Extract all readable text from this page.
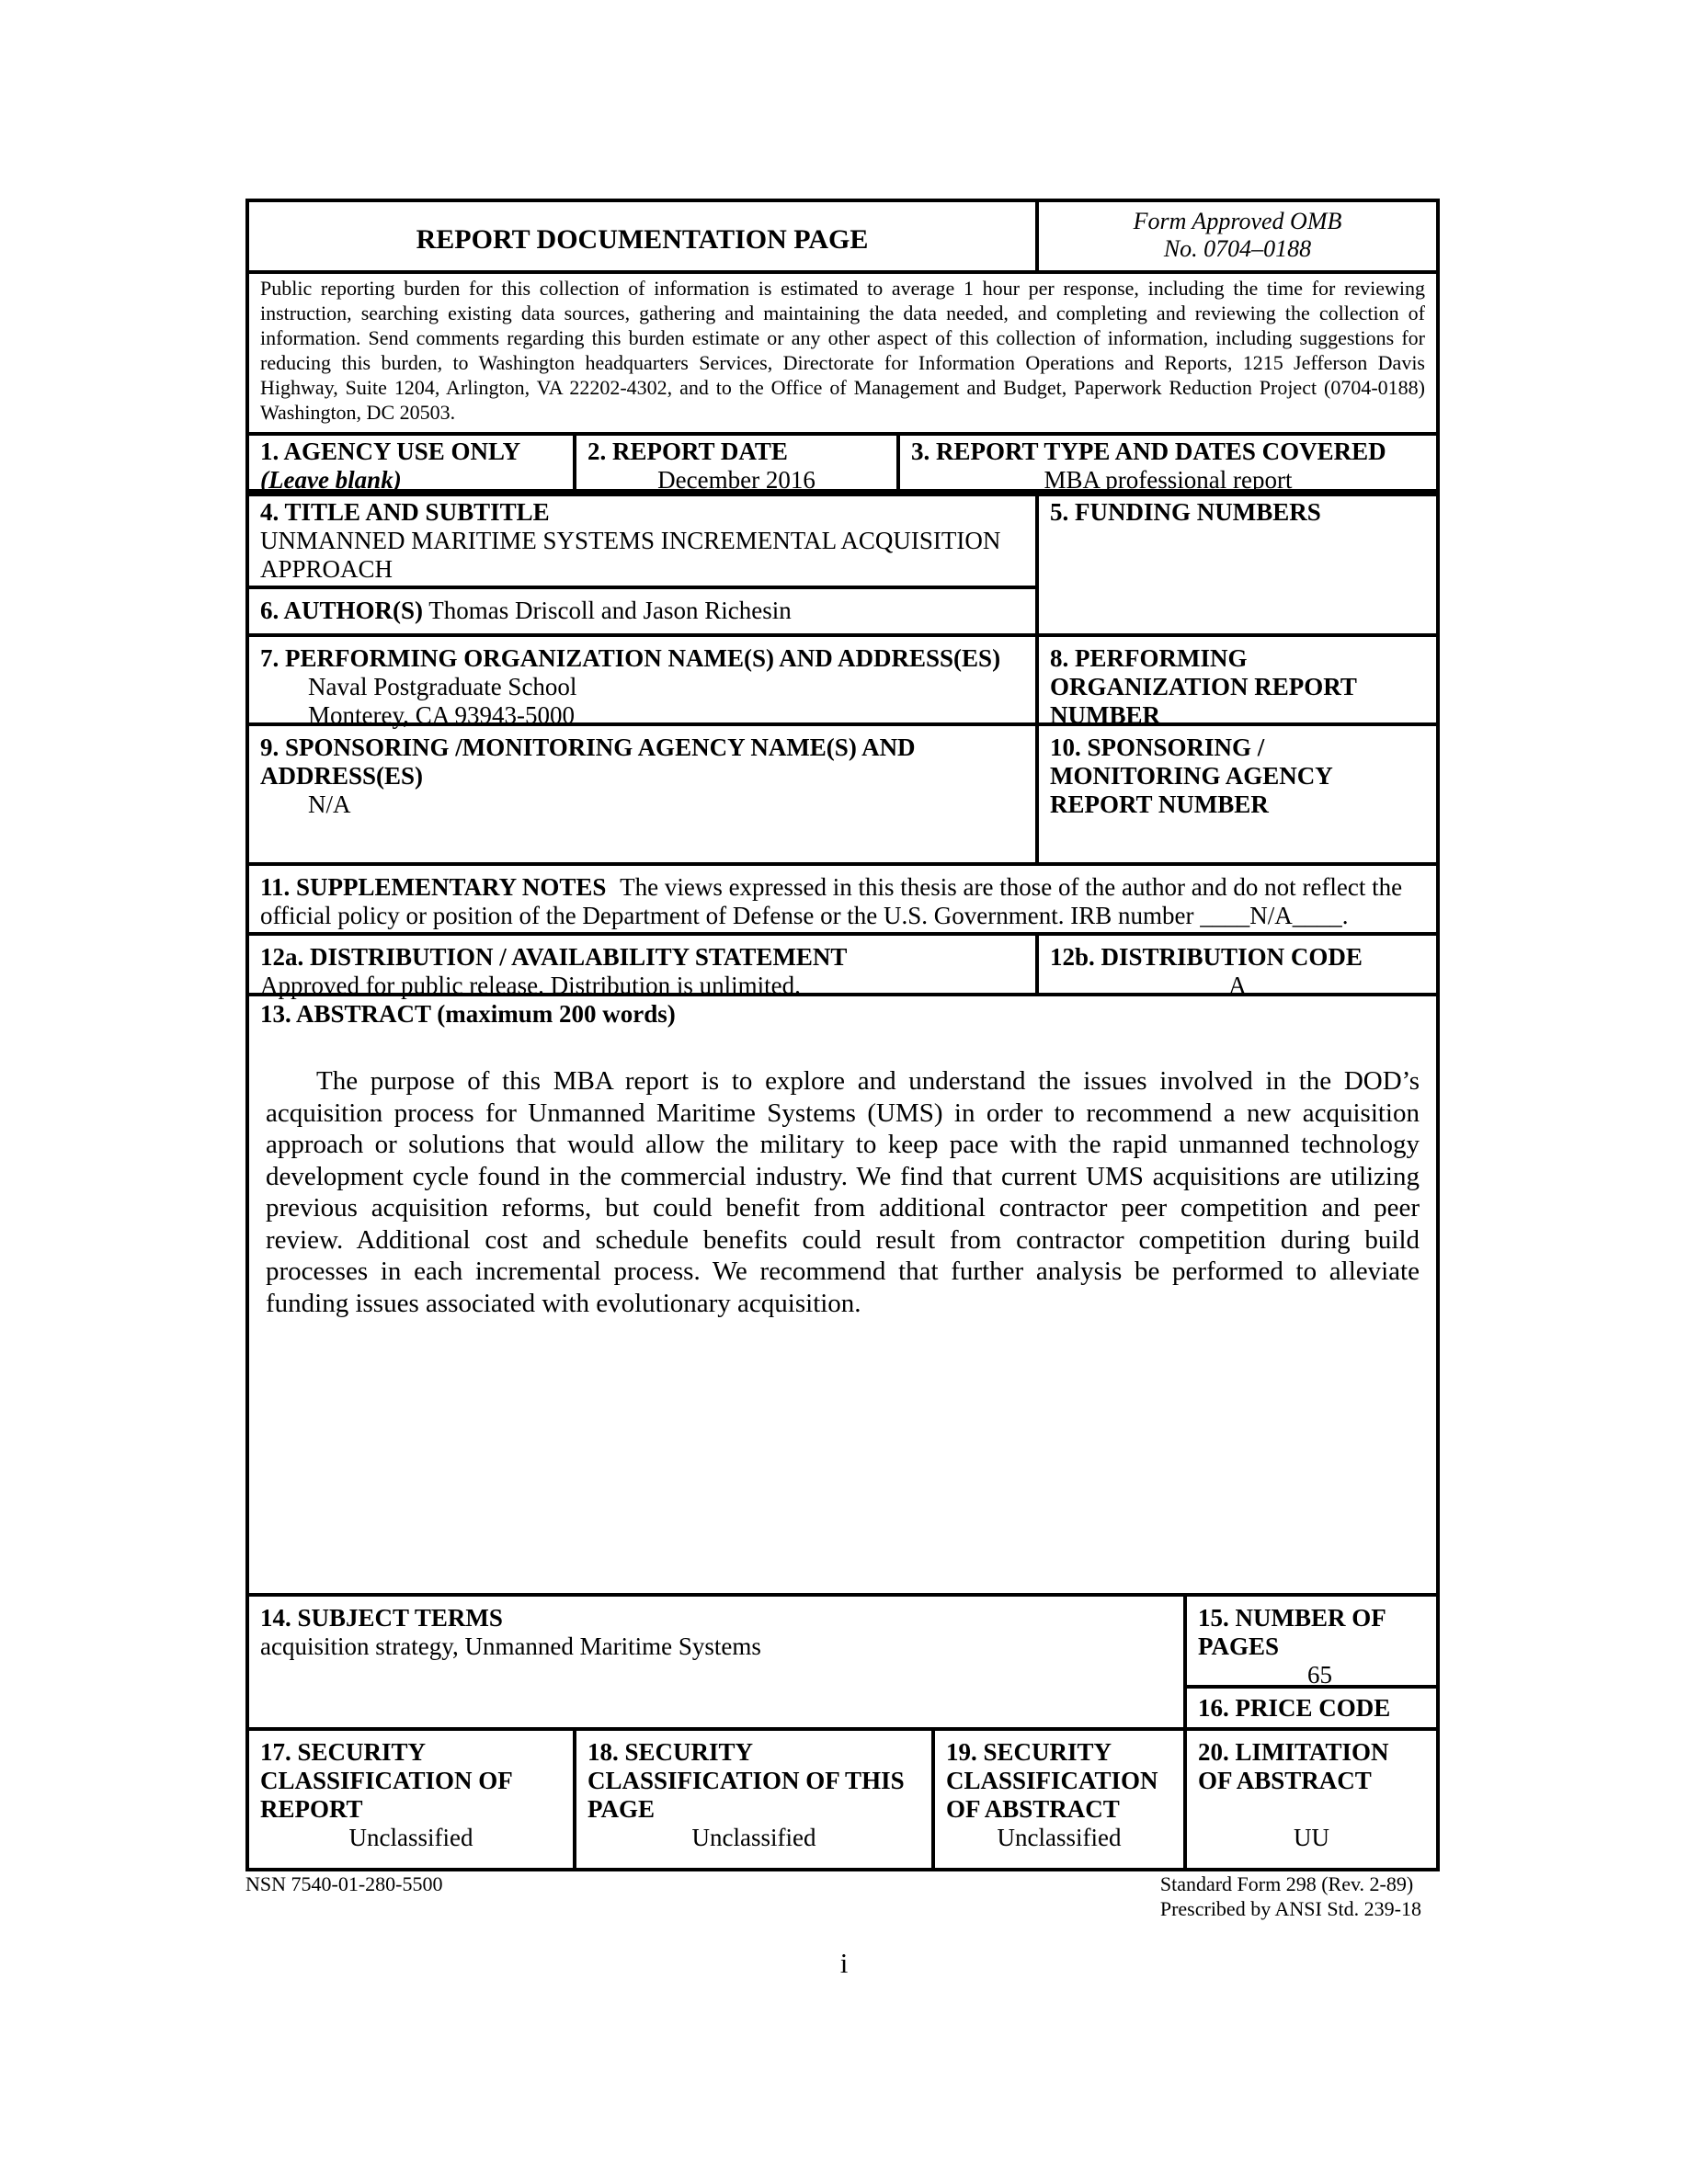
REPORT DOCUMENTATION PAGE
Form Approved OMB
No. 0704–0188
Public reporting burden for this collection of information is estimated to average 1 hour per response, including the time for reviewing instruction, searching existing data sources, gathering and maintaining the data needed, and completing and reviewing the collection of information. Send comments regarding this burden estimate or any other aspect of this collection of information, including suggestions for reducing this burden, to Washington headquarters Services, Directorate for Information Operations and Reports, 1215 Jefferson Davis Highway, Suite 1204, Arlington, VA 22202-4302, and to the Office of Management and Budget, Paperwork Reduction Project (0704-0188) Washington, DC 20503.
1. AGENCY USE ONLY
(Leave blank)
2. REPORT DATE
December 2016
3. REPORT TYPE AND DATES COVERED
MBA professional report
4. TITLE AND SUBTITLE
UNMANNED MARITIME SYSTEMS INCREMENTAL ACQUISITION APPROACH
6. AUTHOR(S) Thomas Driscoll and Jason Richesin
5. FUNDING NUMBERS
7. PERFORMING ORGANIZATION NAME(S) AND ADDRESS(ES)
Naval Postgraduate School
Monterey, CA 93943-5000
8. PERFORMING
ORGANIZATION REPORT
NUMBER
9. SPONSORING /MONITORING AGENCY NAME(S) AND
ADDRESS(ES)
N/A
10. SPONSORING /
MONITORING AGENCY
REPORT NUMBER
11. SUPPLEMENTARY NOTES The views expressed in this thesis are those of the author and do not reflect the official policy or position of the Department of Defense or the U.S. Government. IRB number ____N/A____.
12a. DISTRIBUTION / AVAILABILITY STATEMENT
Approved for public release. Distribution is unlimited.
12b. DISTRIBUTION CODE
A
13. ABSTRACT (maximum 200 words)
The purpose of this MBA report is to explore and understand the issues involved in the DOD’s acquisition process for Unmanned Maritime Systems (UMS) in order to recommend a new acquisition approach or solutions that would allow the military to keep pace with the rapid unmanned technology development cycle found in the commercial industry. We find that current UMS acquisitions are utilizing previous acquisition reforms, but could benefit from additional contractor peer competition and peer review. Additional cost and schedule benefits could result from contractor competition during build processes in each incremental process. We recommend that further analysis be performed to alleviate funding issues associated with evolutionary acquisition.
14. SUBJECT TERMS
acquisition strategy, Unmanned Maritime Systems
15. NUMBER OF
PAGES
65
16. PRICE CODE
17. SECURITY
CLASSIFICATION OF
REPORT
Unclassified
18. SECURITY
CLASSIFICATION OF THIS
PAGE
Unclassified
19. SECURITY
CLASSIFICATION
OF ABSTRACT
Unclassified
20. LIMITATION
OF ABSTRACT
UU
NSN 7540-01-280-5500	Standard Form 298 (Rev. 2-89)
Prescribed by ANSI Std. 239-18
i
